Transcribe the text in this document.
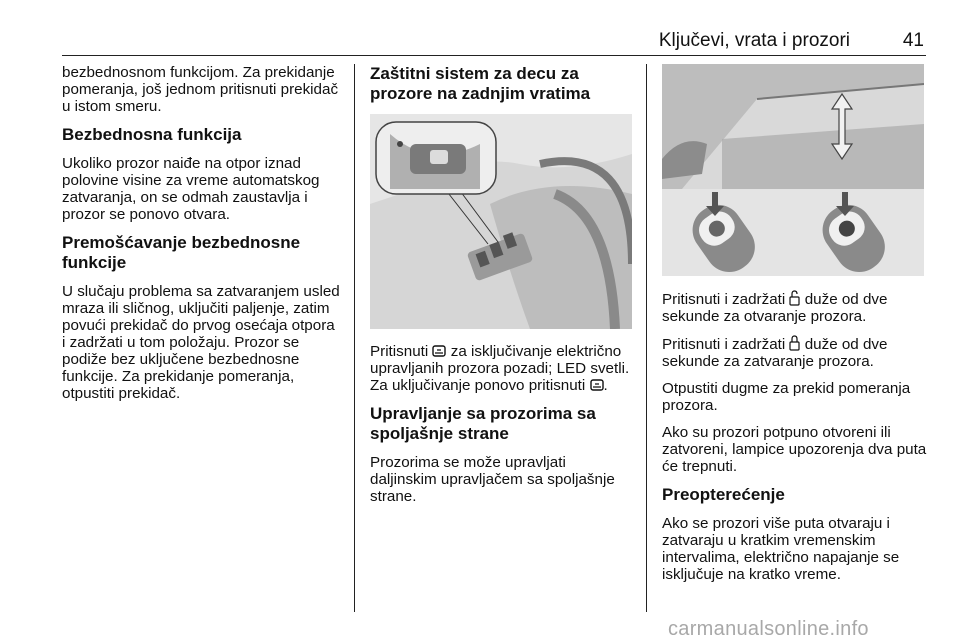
Ključevi, vrata i prozori	41

bezbednosnom funkcijom. Za prekidanje pomeranja, još jednom pritisnuti prekidač u istom smeru.

Bezbednosna funkcija

Ukoliko prozor naiđe na otpor iznad polovine visine za vreme automatskog zatvaranja, on se odmah zaustavlja i prozor se ponovo otvara.

Premošćavanje bezbednosne funkcije

U slučaju problema sa zatvaranjem usled mraza ili sličnog, uključiti paljenje, zatim povući prekidač do prvog osećaja otpora i zadržati u tom položaju. Prozor se podiže bez uključene bezbednosne funkcije. Za prekidanje pomeranja, otpustiti prekidač.

Zaštitni sistem za decu za prozore na zadnjim vratima

Pritisnuti za isključivanje električno upravljanih prozora pozadi; LED svetli. Za uključivanje ponovo pritisnuti .

Upravljanje sa prozorima sa spoljašnje strane

Prozorima se može upravljati daljinskim upravljačem sa spoljašnje strane.

Pritisnuti i zadržati duže od dve sekunde za otvaranje prozora.

Pritisnuti i zadržati duže od dve sekunde za zatvaranje prozora.

Otpustiti dugme za prekid pomeranja prozora.

Ako su prozori potpuno otvoreni ili zatvoreni, lampice upozorenja dva puta će trepnuti.

Preopterećenje

Ako se prozori više puta otvaraju i zatvaraju u kratkim vremenskim intervalima, električno napajanje se isključuje na kratko vreme.

carmanualsonline.info
